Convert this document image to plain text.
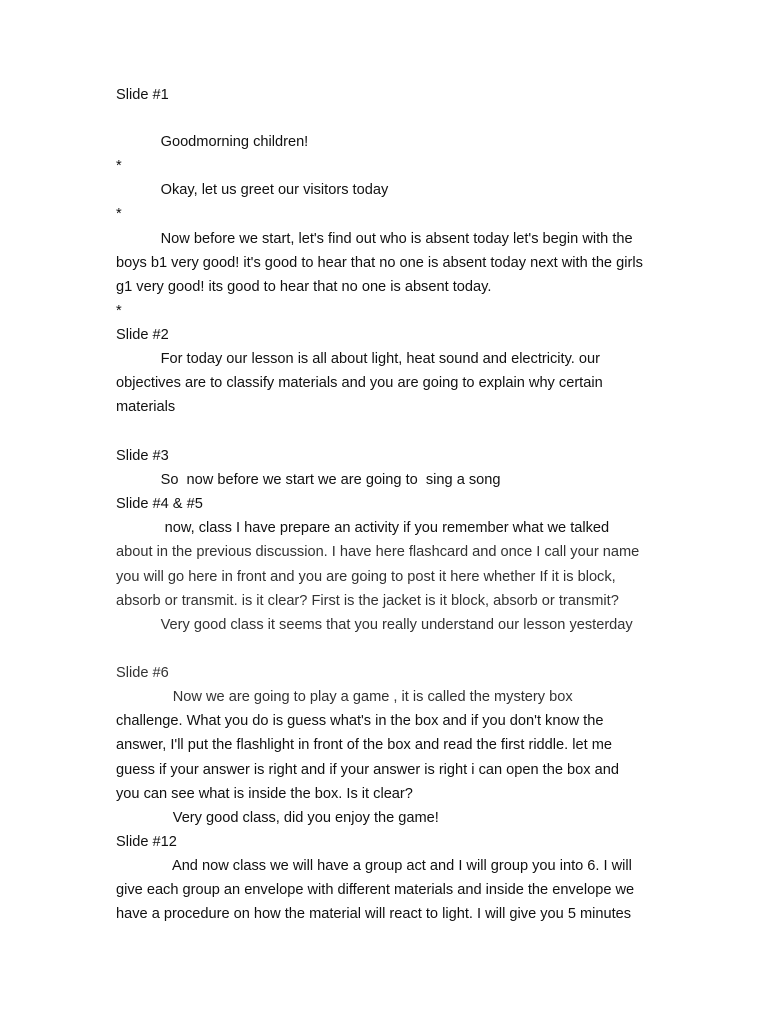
Slide #1
Goodmorning children!
*
Okay, let us greet our visitors today
*
Now before we start, let's find out who is absent today let's begin with the
boys b1 very good! it's good to hear that no one is absent today next with the girls
g1 very good! its good to hear that no one is absent today.
*
Slide #2
For today our lesson is all about light, heat sound and electricity. our
objectives are to classify materials and you are going to explain why certain
materials
Slide #3
So  now before we start we are going to  sing a song
Slide #4 & #5
now, class I have prepare an activity if you remember what we talked
about in the previous discussion. I have here flashcard and once I call your name
you will go here in front and you are going to post it here whether If it is block,
absorb or transmit. is it clear? First is the jacket is it block, absorb or transmit?
Very good class it seems that you really understand our lesson yesterday
Slide #6
Now we are going to play a game , it is called the mystery box
challenge. What you do is guess what's in the box and if you don't know the
answer, I'll put the flashlight in front of the box and read the first riddle. let me
guess if your answer is right and if your answer is right i can open the box and
you can see what is inside the box. Is it clear?
Very good class, did you enjoy the game!
Slide #12
And now class we will have a group act and I will group you into 6. I will
give each group an envelope with different materials and inside the envelope we
have a procedure on how the material will react to light. I will give you 5 minutes
